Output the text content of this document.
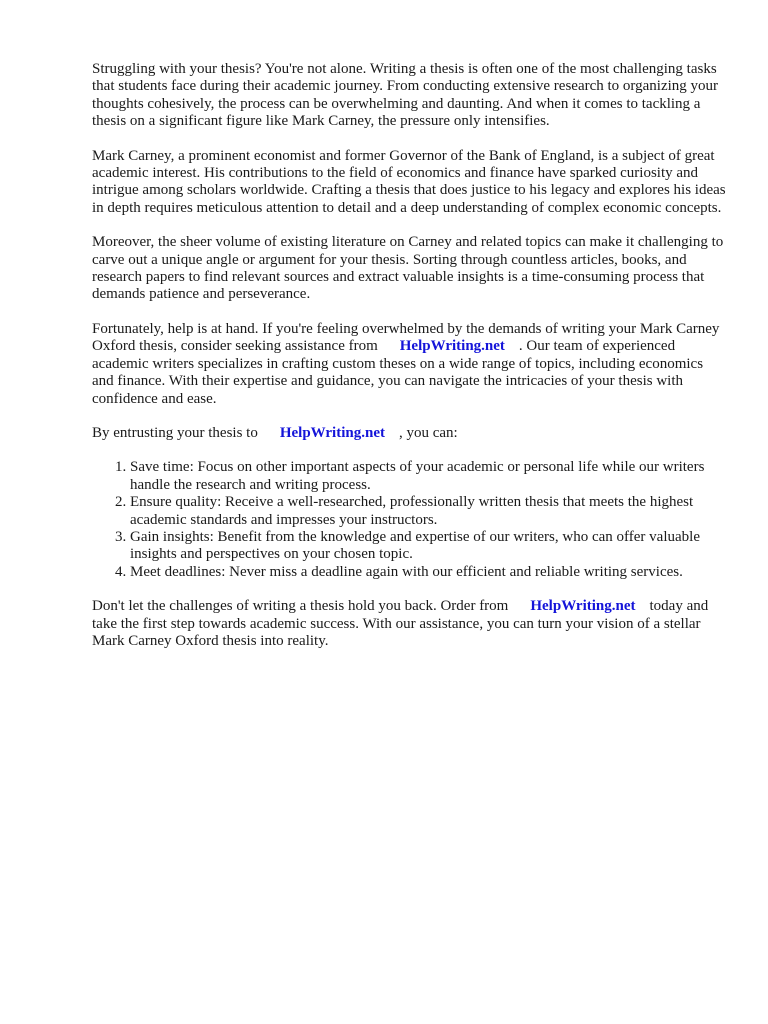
Struggling with your thesis? You're not alone. Writing a thesis is often one of the most challenging tasks that students face during their academic journey. From conducting extensive research to organizing your thoughts cohesively, the process can be overwhelming and daunting. And when it comes to tackling a thesis on a significant figure like Mark Carney, the pressure only intensifies.

Mark Carney, a prominent economist and former Governor of the Bank of England, is a subject of great academic interest. His contributions to the field of economics and finance have sparked curiosity and intrigue among scholars worldwide. Crafting a thesis that does justice to his legacy and explores his ideas in depth requires meticulous attention to detail and a deep understanding of complex economic concepts.

Moreover, the sheer volume of existing literature on Carney and related topics can make it challenging to carve out a unique angle or argument for your thesis. Sorting through countless articles, books, and research papers to find relevant sources and extract valuable insights is a time-consuming process that demands patience and perseverance.

Fortunately, help is at hand. If you're feeling overwhelmed by the demands of writing your Mark Carney Oxford thesis, consider seeking assistance from HelpWriting.net . Our team of experienced academic writers specializes in crafting custom theses on a wide range of topics, including economics and finance. With their expertise and guidance, you can navigate the intricacies of your thesis with confidence and ease.

By entrusting your thesis to HelpWriting.net , you can:

1. Save time: Focus on other important aspects of your academic or personal life while our writers handle the research and writing process.
2. Ensure quality: Receive a well-researched, professionally written thesis that meets the highest academic standards and impresses your instructors.
3. Gain insights: Benefit from the knowledge and expertise of our writers, who can offer valuable insights and perspectives on your chosen topic.
4. Meet deadlines: Never miss a deadline again with our efficient and reliable writing services.

Don't let the challenges of writing a thesis hold you back. Order from HelpWriting.net today and take the first step towards academic success. With our assistance, you can turn your vision of a stellar Mark Carney Oxford thesis into reality.
